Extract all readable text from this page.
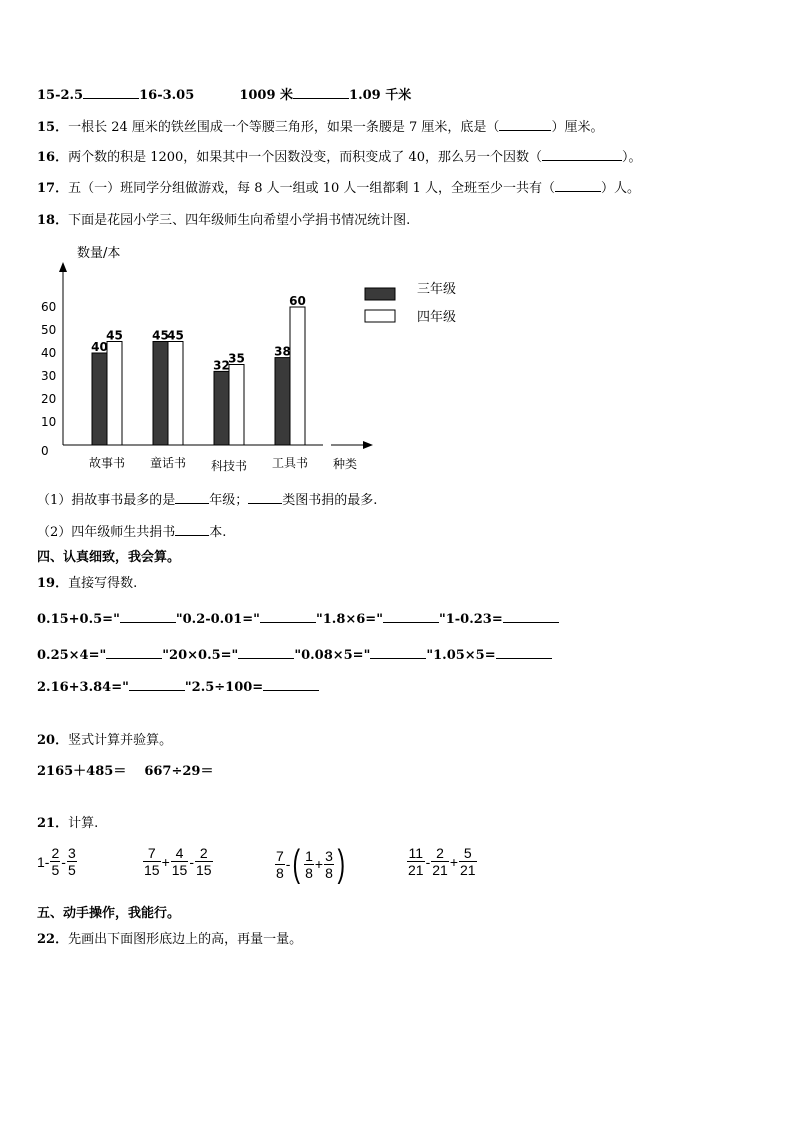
15-2.5	16-3.05	1009 米	1.09 千米
15．一根长 24 厘米的铁丝围成一个等腰三角形，如果一条腰是 7 厘米，底是（	）厘米。
16．两个数的积是 1200，如果其中一个因数没变，而积变成了 40，那么另一个因数（	）。
17．五（一）班同学分组做游戏，每 8 人一组或 10 人一组都剩 1 人，全班至少一共有（	）人。
18．下面是花园小学三、四年级师生向希望小学捐书情况统计图.
数量/本
0
10
20
30
40
50
60
40
45
故事书
45
45
童话书
32
35
科技书
38
60
工具书 种类
三年级
四年级
（1）捐故事书最多的是	年级；	类图书捐的最多.
（2）四年级师生共捐书	本.
四、认真细致，我会算。
19．直接写得数.
0.15+0.5="	"0.2-0.01="	"1.8×6="	"1-0.23=
0.25×4="	"20×0.5="	"0.08×5="	"1.05×5=
2.16+3.84="	"2.5÷100=
20．竖式计算并验算。
2165＋485＝ 667÷29＝
21．计算.
$1 - \frac{2}{5} - \frac{3}{5}$	$\frac{7}{15} + \frac{4}{15} - \frac{2}{15}$	$\frac{7}{8}$ - ( $\frac{1}{8} + \frac{3}{8}$ )	$\frac{11}{21} - \frac{2}{21} + \frac{5}{21}$
五、动手操作，我能行。
22．先画出下面图形底边上的高，再量一量。
